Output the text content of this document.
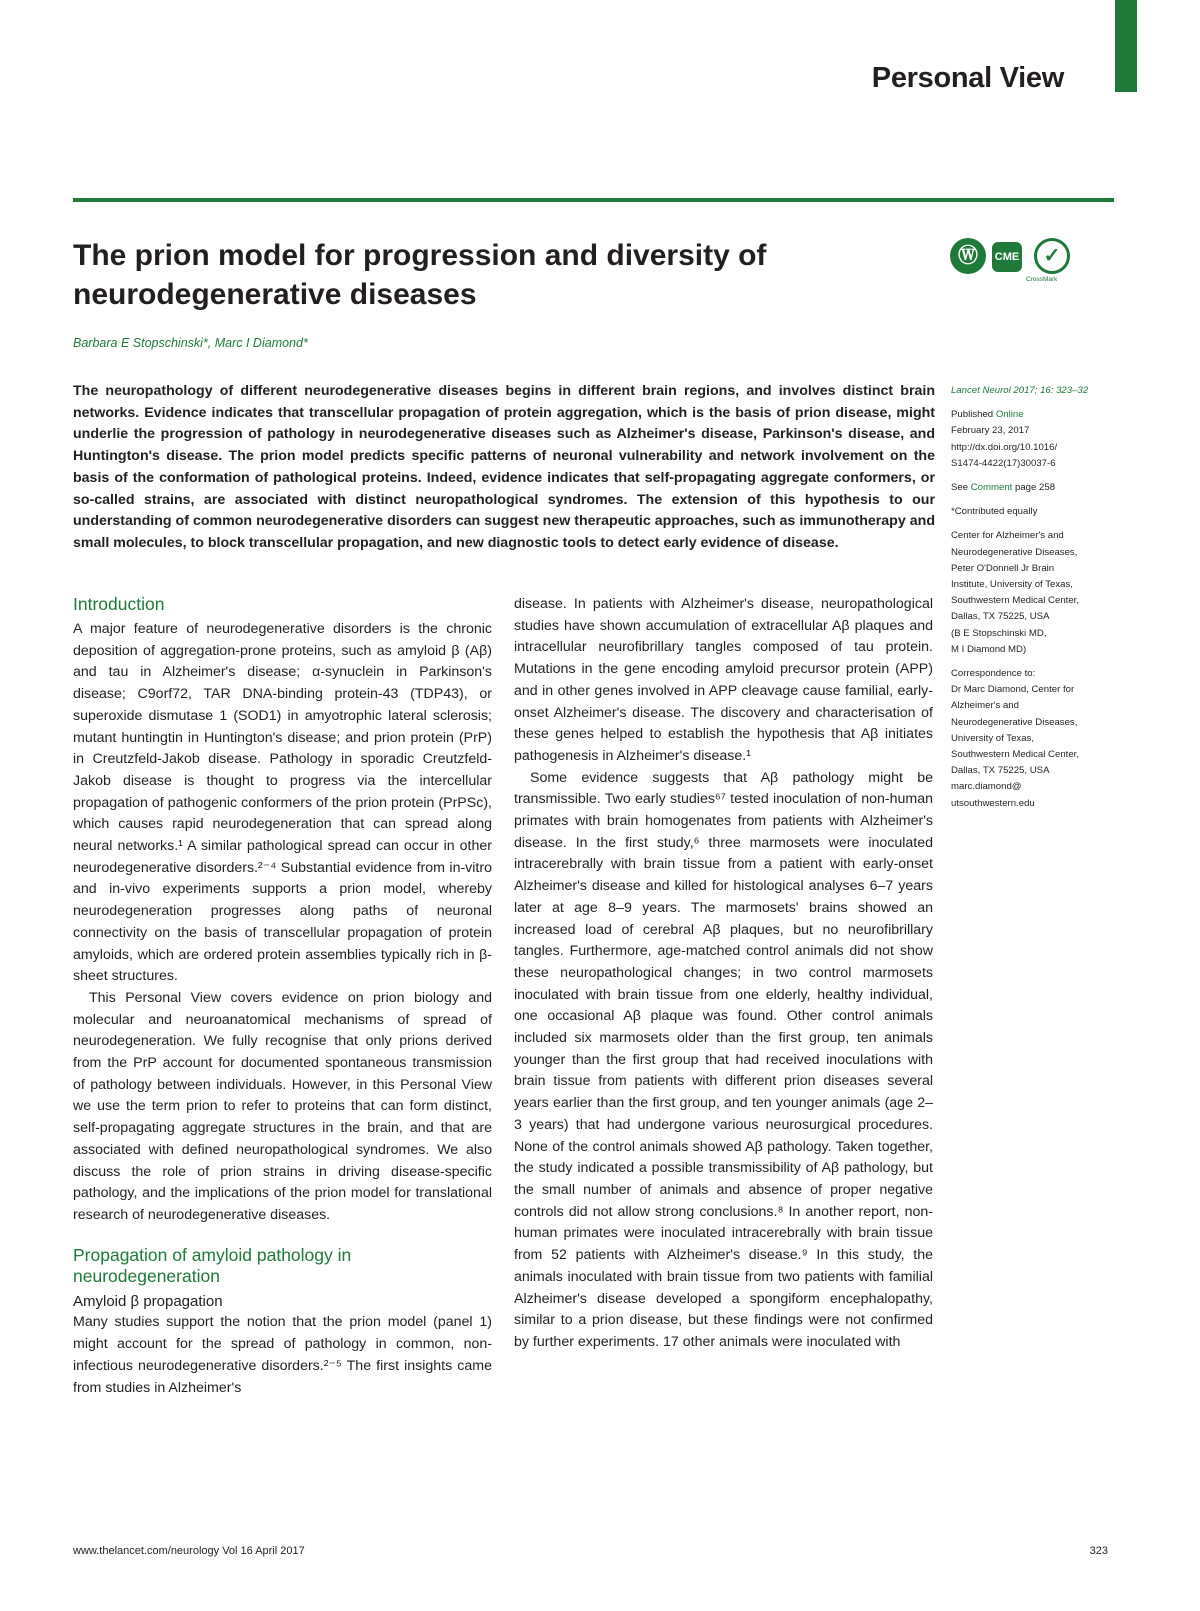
Personal View
The prion model for progression and diversity of
neurodegenerative diseases
Barbara E Stopschinski*, Marc I Diamond*
Ⓦ	CME	✓
CrossMark

The neuropathology of different neurodegenerative diseases begins in different brain regions, and involves distinct brain networks. Evidence indicates that transcellular propagation of protein aggregation, which is the basis of prion disease, might underlie the progression of pathology in neurodegenerative diseases such as Alzheimer's disease, Parkinson's disease, and Huntington's disease. The prion model predicts specific patterns of neuronal vulnerability and network involvement on the basis of the conformation of pathological proteins. Indeed, evidence indicates that self-propagating aggregate conformers, or so-called strains, are associated with distinct neuropathological syndromes. The extension of this hypothesis to our understanding of common neurodegenerative disorders can suggest new therapeutic approaches, such as immunotherapy and small molecules, to block transcellular propagation, and new diagnostic tools to detect early evidence of disease.

Introduction

A major feature of neurodegenerative disorders is the chronic deposition of aggregation-prone proteins, such as amyloid β (Aβ) and tau in Alzheimer's disease; α-synuclein in Parkinson's disease; C9orf72, TAR DNA-binding protein-43 (TDP43), or superoxide dismutase 1 (SOD1) in amyotrophic lateral sclerosis; mutant huntingtin in Huntington's disease; and prion protein (PrP) in Creutzfeld-Jakob disease. Pathology in sporadic Creutzfeld-Jakob disease is thought to progress via the intercellular propagation of pathogenic conformers of the prion protein (PrPSc), which causes rapid neurodegeneration that can spread along neural networks.¹ A similar pathological spread can occur in other neurodegenerative disorders.²⁻⁴ Substantial evidence from in-vitro and in-vivo experiments supports a prion model, whereby neurodegeneration progresses along paths of neuronal connectivity on the basis of transcellular propagation of protein amyloids, which are ordered protein assemblies typically rich in β-sheet structures.

This Personal View covers evidence on prion biology and molecular and neuroanatomical mechanisms of spread of neurodegeneration. We fully recognise that only prions derived from the PrP account for documented spontaneous transmission of pathology between individuals. However, in this Personal View we use the term prion to refer to proteins that can form distinct, self-propagating aggregate structures in the brain, and that are associated with defined neuropathological syndromes. We also discuss the role of prion strains in driving disease-specific pathology, and the implications of the prion model for translational research of neurodegenerative diseases.

Propagation of amyloid pathology in neurodegeneration
Amyloid β propagation

Many studies support the notion that the prion model (panel 1) might account for the spread of pathology in common, non-infectious neurodegenerative disorders.²⁻⁵ The first insights came from studies in Alzheimer's

disease. In patients with Alzheimer's disease, neuropathological studies have shown accumulation of extracellular Aβ plaques and intracellular neurofibrillary tangles composed of tau protein. Mutations in the gene encoding amyloid precursor protein (APP) and in other genes involved in APP cleavage cause familial, early-onset Alzheimer's disease. The discovery and characterisation of these genes helped to establish the hypothesis that Aβ initiates pathogenesis in Alzheimer's disease.¹

Some evidence suggests that Aβ pathology might be transmissible. Two early studies⁶⁷ tested inoculation of non-human primates with brain homogenates from patients with Alzheimer's disease. In the first study,⁶ three marmosets were inoculated intracerebrally with brain tissue from a patient with early-onset Alzheimer's disease and killed for histological analyses 6–7 years later at age 8–9 years. The marmosets' brains showed an increased load of cerebral Aβ plaques, but no neurofibrillary tangles. Furthermore, age-matched control animals did not show these neuropathological changes; in two control marmosets inoculated with brain tissue from one elderly, healthy individual, one occasional Aβ plaque was found. Other control animals included six marmosets older than the first group, ten animals younger than the first group that had received inoculations with brain tissue from patients with different prion diseases several years earlier than the first group, and ten younger animals (age 2–3 years) that had undergone various neurosurgical procedures. None of the control animals showed Aβ pathology. Taken together, the study indicated a possible transmissibility of Aβ pathology, but the small number of animals and absence of proper negative controls did not allow strong conclusions.⁸ In another report, non-human primates were inoculated intracerebrally with brain tissue from 52 patients with Alzheimer's disease.⁹ In this study, the animals inoculated with brain tissue from two patients with familial Alzheimer's disease developed a spongiform encephalopathy, similar to a prion disease, but these findings were not confirmed by further experiments. 17 other animals were inoculated with

Lancet Neurol 2017; 16: 323–32

Published Online

February 23, 2017

http://dx.doi.org/10.1016/

S1474-4422(17)30037-6

See Comment page 258

*Contributed equally

Center for Alzheimer's and

Neurodegenerative Diseases,

Peter O'Donnell Jr Brain

Institute, University of Texas,

Southwestern Medical Center,

Dallas, TX 75225, USA

(B E Stopschinski MD,

M I Diamond MD)

Correspondence to:

Dr Marc Diamond, Center for

Alzheimer's and

Neurodegenerative Diseases,

University of Texas,

Southwestern Medical Center,

Dallas, TX 75225, USA

marc.diamond@

utsouthwestern.edu

www.thelancet.com/neurology Vol 16 April 2017	323
